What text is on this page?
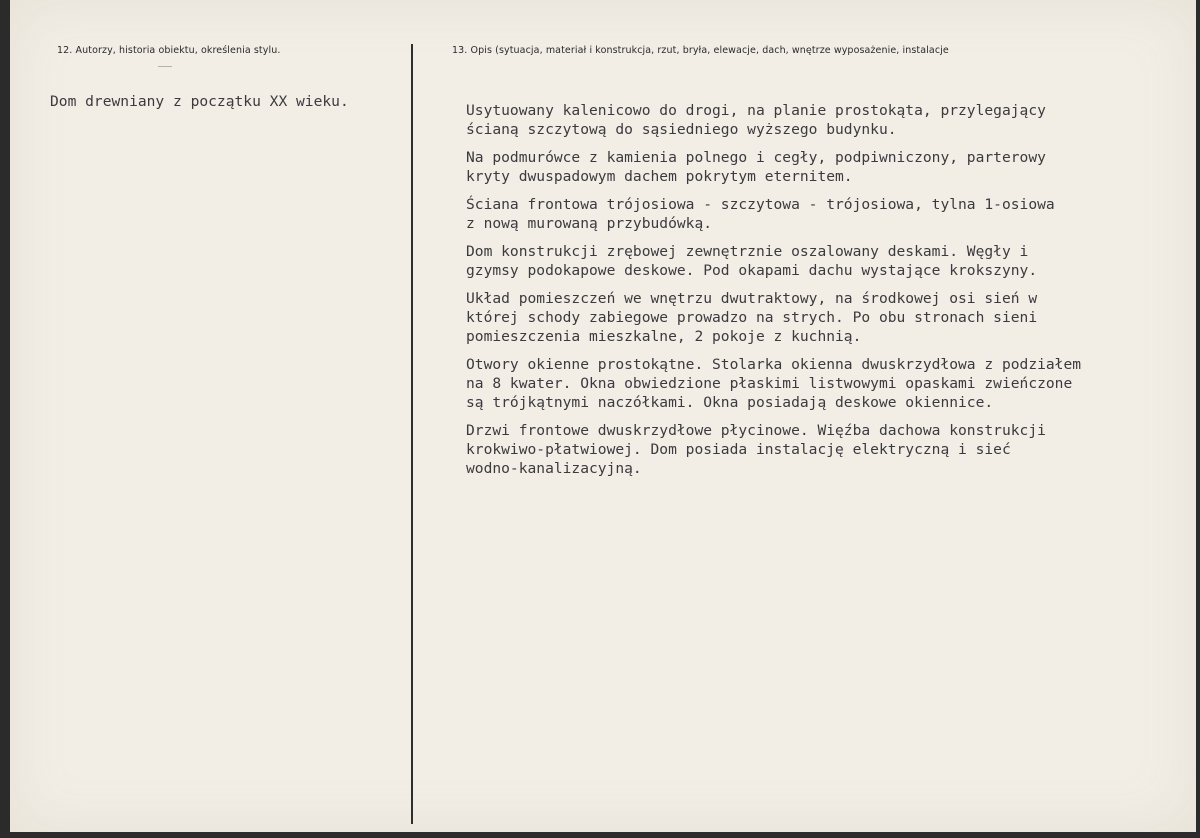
12. Autorzy, historia obiektu, określenia stylu.
Dom drewniany z początku XX wieku.
13. Opis (sytuacja, materiał i konstrukcja, rzut, bryła, elewacje, dach, wnętrze wyposażenie, instalacje

Usytuowany kalenicowo do drogi, na planie prostokąta, przylegający
ścianą szczytową do sąsiedniego wyższego budynku.

Na podmurówce z kamienia polnego i cegły, podpiwniczony, parterowy
kryty dwuspadowym dachem pokrytym eternitem.

Ściana frontowa trójosiowa - szczytowa - trójosiowa, tylna 1-osiowa
z nową murowaną przybudówką.

Dom konstrukcji zrębowej zewnętrznie oszalowany deskami. Węgły i
gzymsy podokapowe deskowe. Pod okapami dachu wystające krokszyny.

Układ pomieszczeń we wnętrzu dwutraktowy, na środkowej osi sień w
której schody zabiegowe prowadzo na strych. Po obu stronach sieni
pomieszczenia mieszkalne, 2 pokoje z kuchnią.

Otwory okienne prostokątne. Stolarka okienna dwuskrzydłowa z podziałem
na 8 kwater. Okna obwiedzione płaskimi listwowymi opaskami zwieńczone
są trójkątnymi naczółkami. Okna posiadają deskowe okiennice.

Drzwi frontowe dwuskrzydłowe płycinowe. Więźba dachowa konstrukcji
krokwiwo-płatwiowej. Dom posiada instalację elektryczną i sieć
wodno-kanalizacyjną.
